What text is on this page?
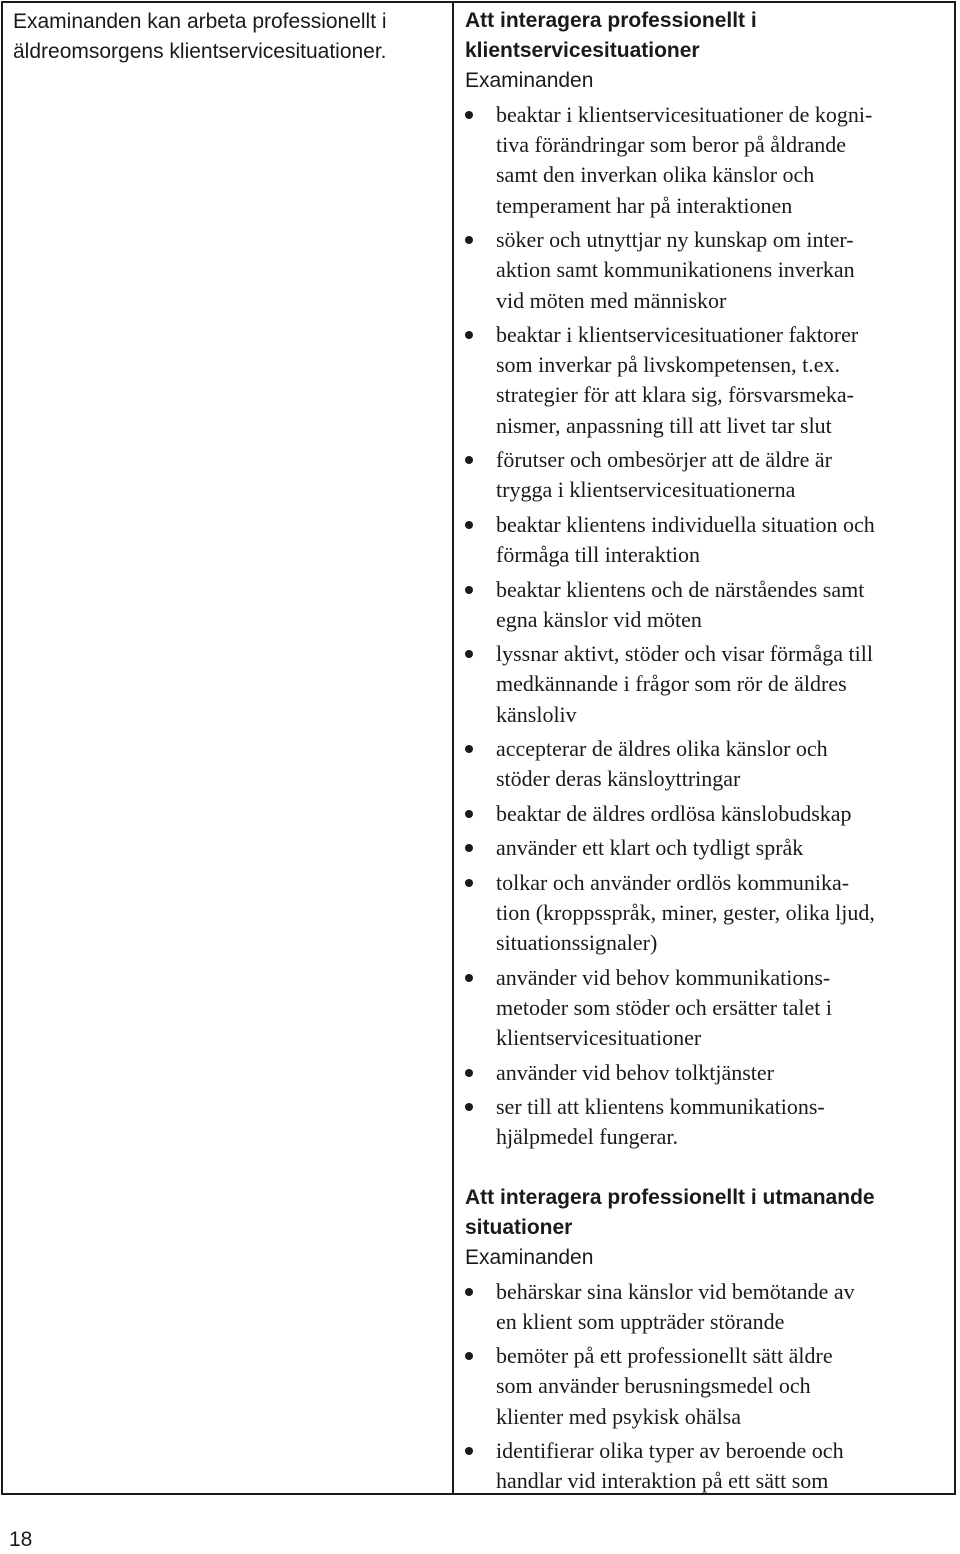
Examinanden kan arbeta professionellt i
äldreomsorgens klientservicesituationer.
Att interagera professionellt i
klientservicesituationer
Examinanden
beaktar i klientservicesituationer de kogni-
tiva förändringar som beror på åldrande
samt den inverkan olika känslor och
temperament har på interaktionen
söker och utnyttjar ny kunskap om inter-
aktion samt kommunikationens inverkan
vid möten med människor
beaktar i klientservicesituationer faktorer
som inverkar på livskompetensen, t.ex.
strategier för att klara sig, försvarsmeka-
nismer, anpassning till att livet tar slut
förutser och ombesörjer att de äldre är
trygga i klientservicesituationerna
beaktar klientens individuella situation och
förmåga till interaktion
beaktar klientens och de närståendes samt
egna känslor vid möten
lyssnar aktivt, stöder och visar förmåga till
medkännande i frågor som rör de äldres
känsloliv
accepterar de äldres olika känslor och
stöder deras känsloyttringar
beaktar de äldres ordlösa känslobudskap
använder ett klart och tydligt språk
tolkar och använder ordlös kommunika-
tion (kroppsspråk, miner, gester, olika ljud,
situationssignaler)
använder vid behov kommunikations-
metoder som stöder och ersätter talet i
klientservicesituationer
använder vid behov tolktjänster
ser till att klientens kommunikations-
hjälpmedel fungerar.
Att interagera professionellt i utmanande
situationer
Examinanden
behärskar sina känslor vid bemötande av
en klient som uppträder störande
bemöter på ett professionellt sätt äldre
som använder berusningsmedel och
klienter med psykisk ohälsa
identifierar olika typer av beroende och
handlar vid interaktion på ett sätt som
18
